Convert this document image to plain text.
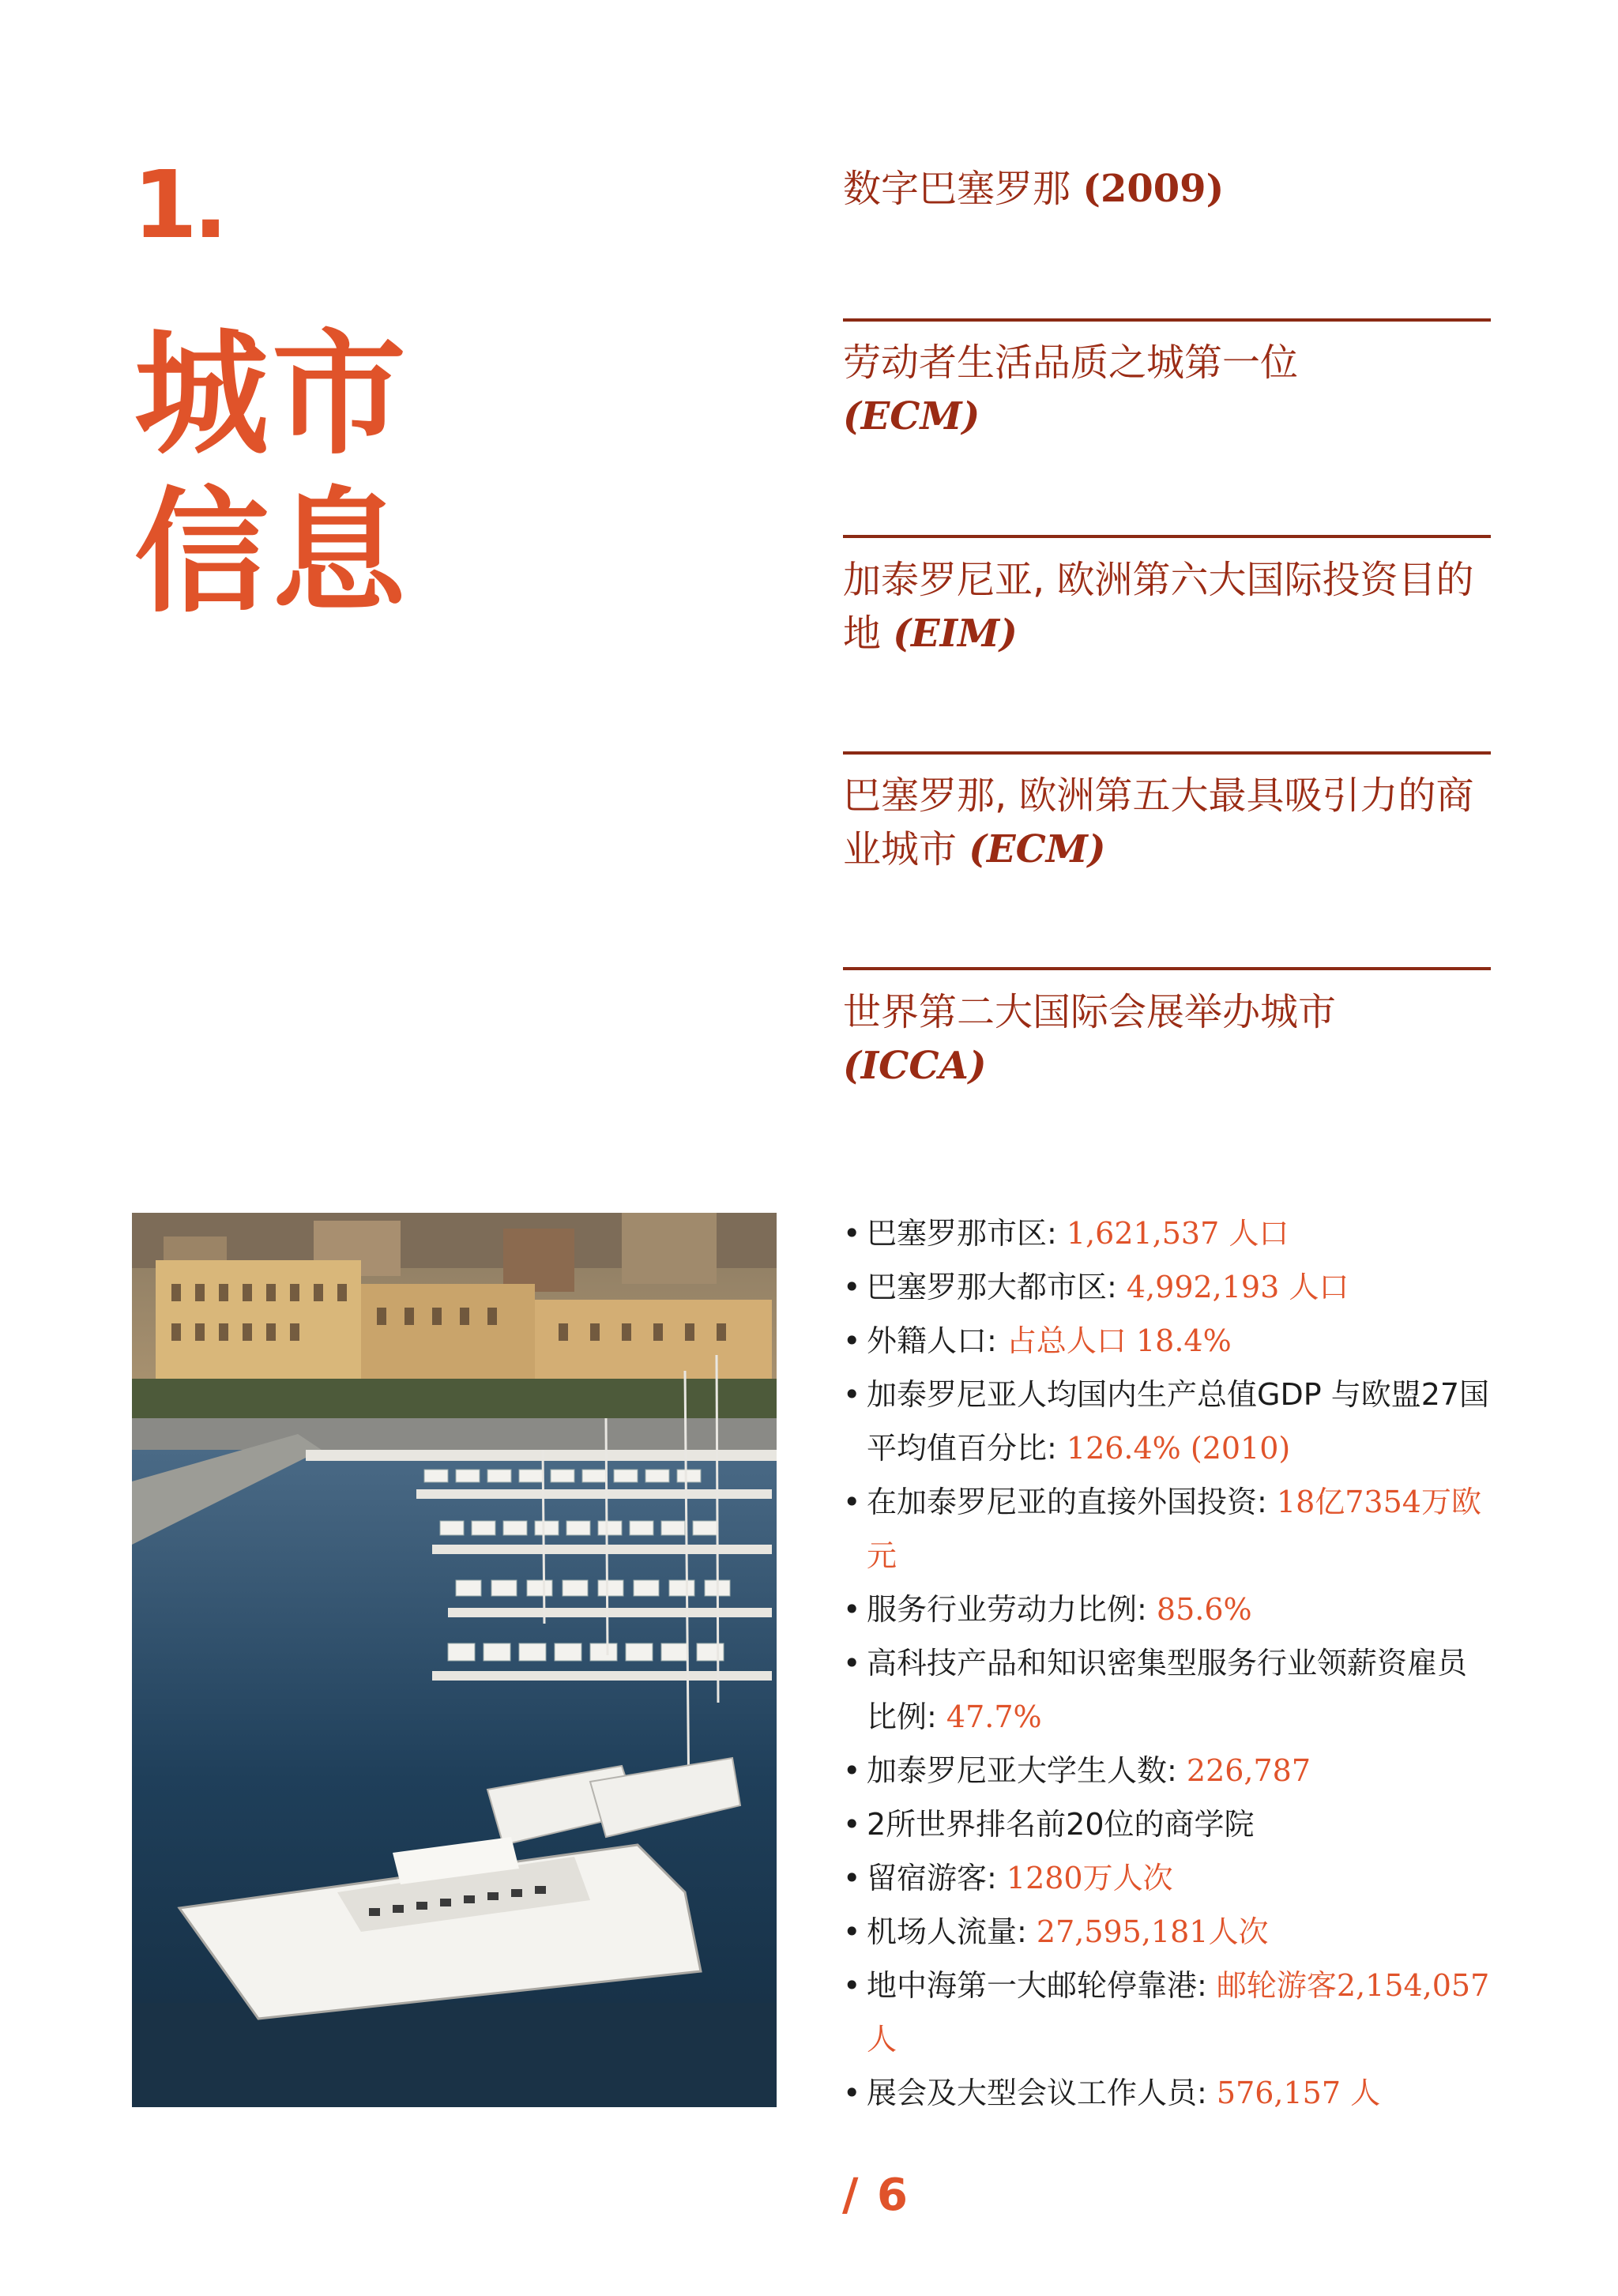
1.
城市
信息
数字巴塞罗那 (2009)
劳动者生活品质之城第一位
(ECM)
加泰罗尼亚, 欧洲第六大国际投资目的地 (EIM)
巴塞罗那, 欧洲第五大最具吸引力的商业城市 (ECM)
世界第二大国际会展举办城市
(ICCA)
• 巴塞罗那市区: 1,621,537 人口
• 巴塞罗那大都市区: 4,992,193 人口
• 外籍人口: 占总人口 18.4%
• 加泰罗尼亚人均国内生产总值GDP 与欧盟27国平均值百分比: 126.4% (2010)
• 在加泰罗尼亚的直接外国投资: 18亿7354万欧元
• 服务行业劳动力比例: 85.6%
• 高科技产品和知识密集型服务行业领薪资雇员比例: 47.7%
• 加泰罗尼亚大学生人数: 226,787
• 2所世界排名前20位的商学院
• 留宿游客: 1280万人次
• 机场人流量: 27,595,181人次
• 地中海第一大邮轮停靠港: 邮轮游客2,154,057人
• 展会及大型会议工作人员: 576,157 人
/ 6
